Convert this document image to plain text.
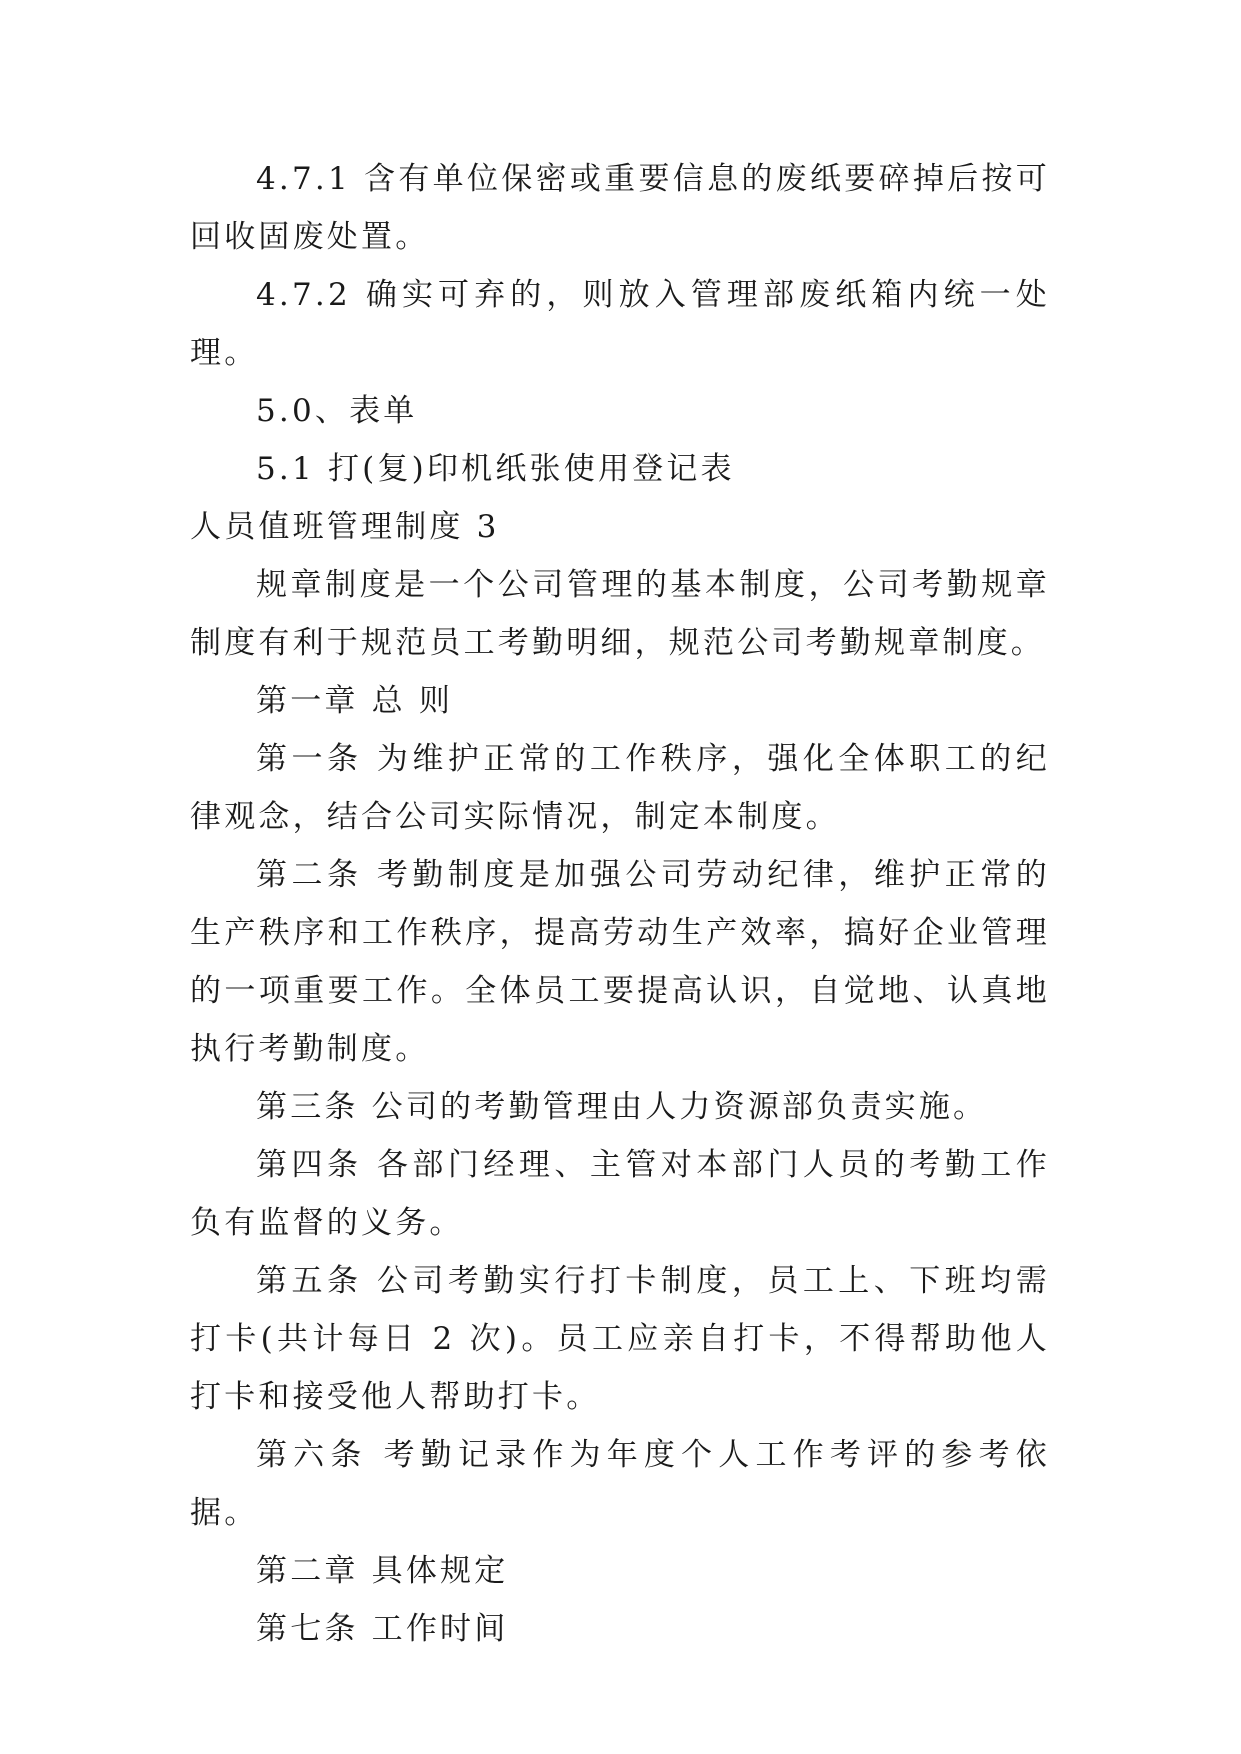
4.7.1 含有单位保密或重要信息的废纸要碎掉后按可回收固废处置。

4.7.2 确实可弃的，则放入管理部废纸箱内统一处理。

5.0、表单

5.1 打(复)印机纸张使用登记表

人员值班管理制度 3

规章制度是一个公司管理的基本制度，公司考勤规章制度有利于规范员工考勤明细，规范公司考勤规章制度。

第一章 总 则

第一条 为维护正常的工作秩序，强化全体职工的纪律观念，结合公司实际情况，制定本制度。

第二条 考勤制度是加强公司劳动纪律，维护正常的生产秩序和工作秩序，提高劳动生产效率，搞好企业管理的一项重要工作。全体员工要提高认识，自觉地、认真地执行考勤制度。

第三条 公司的考勤管理由人力资源部负责实施。

第四条 各部门经理、主管对本部门人员的考勤工作负有监督的义务。

第五条 公司考勤实行打卡制度，员工上、下班均需打卡(共计每日 2 次)。员工应亲自打卡，不得帮助他人打卡和接受他人帮助打卡。

第六条 考勤记录作为年度个人工作考评的参考依据。

第二章 具体规定

第七条 工作时间
